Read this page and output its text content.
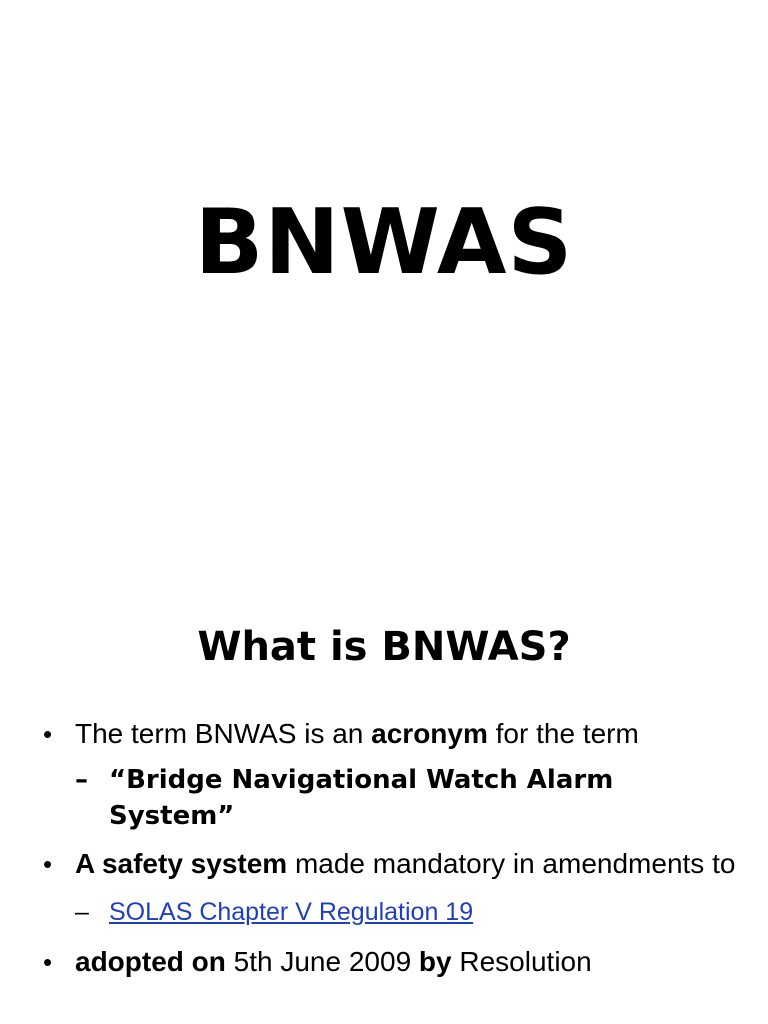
BNWAS
What is BNWAS?
• The term BNWAS is an acronym for the term
– “Bridge Navigational Watch Alarm System”
• A safety system made mandatory in amendments to
– SOLAS Chapter V Regulation 19
• adopted on 5th June 2009 by Resolution
